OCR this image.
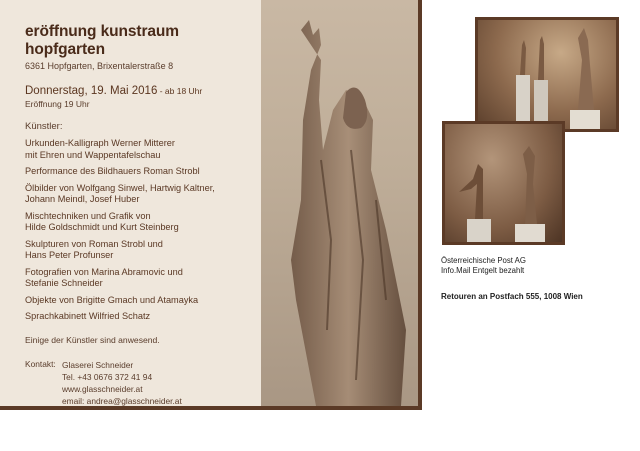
eröffnung kunstraum hopfgarten
6361 Hopfgarten, Brixentalerstraße 8
Donnerstag, 19. Mai 2016 - ab 18 Uhr
Eröffnung 19 Uhr
Künstler:
Urkunden-Kalligraph Werner Mitterer
mit Ehren und Wappentafelschau
Performance des Bildhauers Roman Strobl
Ölbilder von Wolfgang Sinwel, Hartwig Kaltner,
Johann Meindl, Josef Huber
Mischtechniken und Grafik von
Hilde Goldschmidt und Kurt Steinberg
Skulpturen von Roman Strobl und
Hans Peter Profunser
Fotografien von Marina Abramovic und
Stefanie Schneider
Objekte von Brigitte Gmach und Atamayka
Sprachkabinett Wilfried Schatz
Einige der Künstler sind anwesend.
Kontakt: Glaserei Schneider
Tel. +43 0676 372 41 94
www.glasschneider.at
email: andrea@glasschneider.at
Österreichische Post AG
Info.Mail Entgelt bezahlt
Retouren an Postfach 555, 1008 Wien
